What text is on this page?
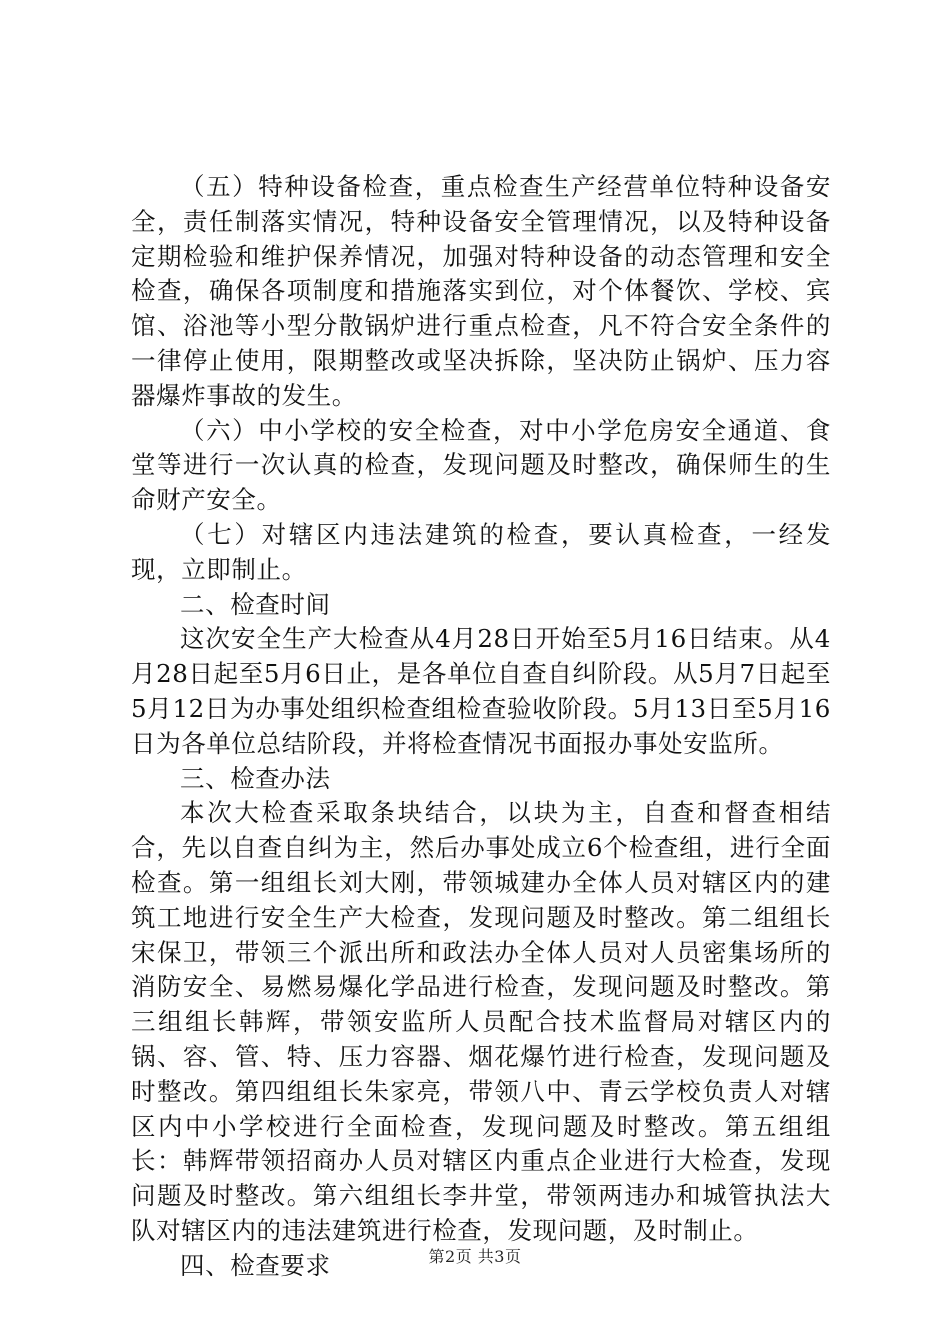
（五）特种设备检查，重点检查生产经营单位特种设备安全，责任制落实情况，特种设备安全管理情况，以及特种设备定期检验和维护保养情况，加强对特种设备的动态管理和安全检查，确保各项制度和措施落实到位，对个体餐饮、学校、宾馆、浴池等小型分散锅炉进行重点检查，凡不符合安全条件的一律停止使用，限期整改或坚决拆除，坚决防止锅炉、压力容器爆炸事故的发生。

（六）中小学校的安全检查，对中小学危房安全通道、食堂等进行一次认真的检查，发现问题及时整改，确保师生的生命财产安全。

（七）对辖区内违法建筑的检查，要认真检查，一经发现，立即制止。

二、检查时间

这次安全生产大检查从4月28日开始至5月16日结束。从4月28日起至5月6日止，是各单位自查自纠阶段。从5月7日起至5月12日为办事处组织检查组检查验收阶段。5月13日至5月16日为各单位总结阶段，并将检查情况书面报办事处安监所。

三、检查办法

本次大检查采取条块结合，以块为主，自查和督查相结合，先以自查自纠为主，然后办事处成立6个检查组，进行全面检查。第一组组长刘大刚，带领城建办全体人员对辖区内的建筑工地进行安全生产大检查，发现问题及时整改。第二组组长宋保卫，带领三个派出所和政法办全体人员对人员密集场所的消防安全、易燃易爆化学品进行检查，发现问题及时整改。第三组组长韩辉，带领安监所人员配合技术监督局对辖区内的锅、容、管、特、压力容器、烟花爆竹进行检查，发现问题及时整改。第四组组长朱家亮，带领八中、青云学校负责人对辖区内中小学校进行全面检查，发现问题及时整改。第五组组长：韩辉带领招商办人员对辖区内重点企业进行大检查，发现问题及时整改。第六组组长李井堂，带领两违办和城管执法大队对辖区内的违法建筑进行检查，发现问题，及时制止。

四、检查要求	第2页 共3页
